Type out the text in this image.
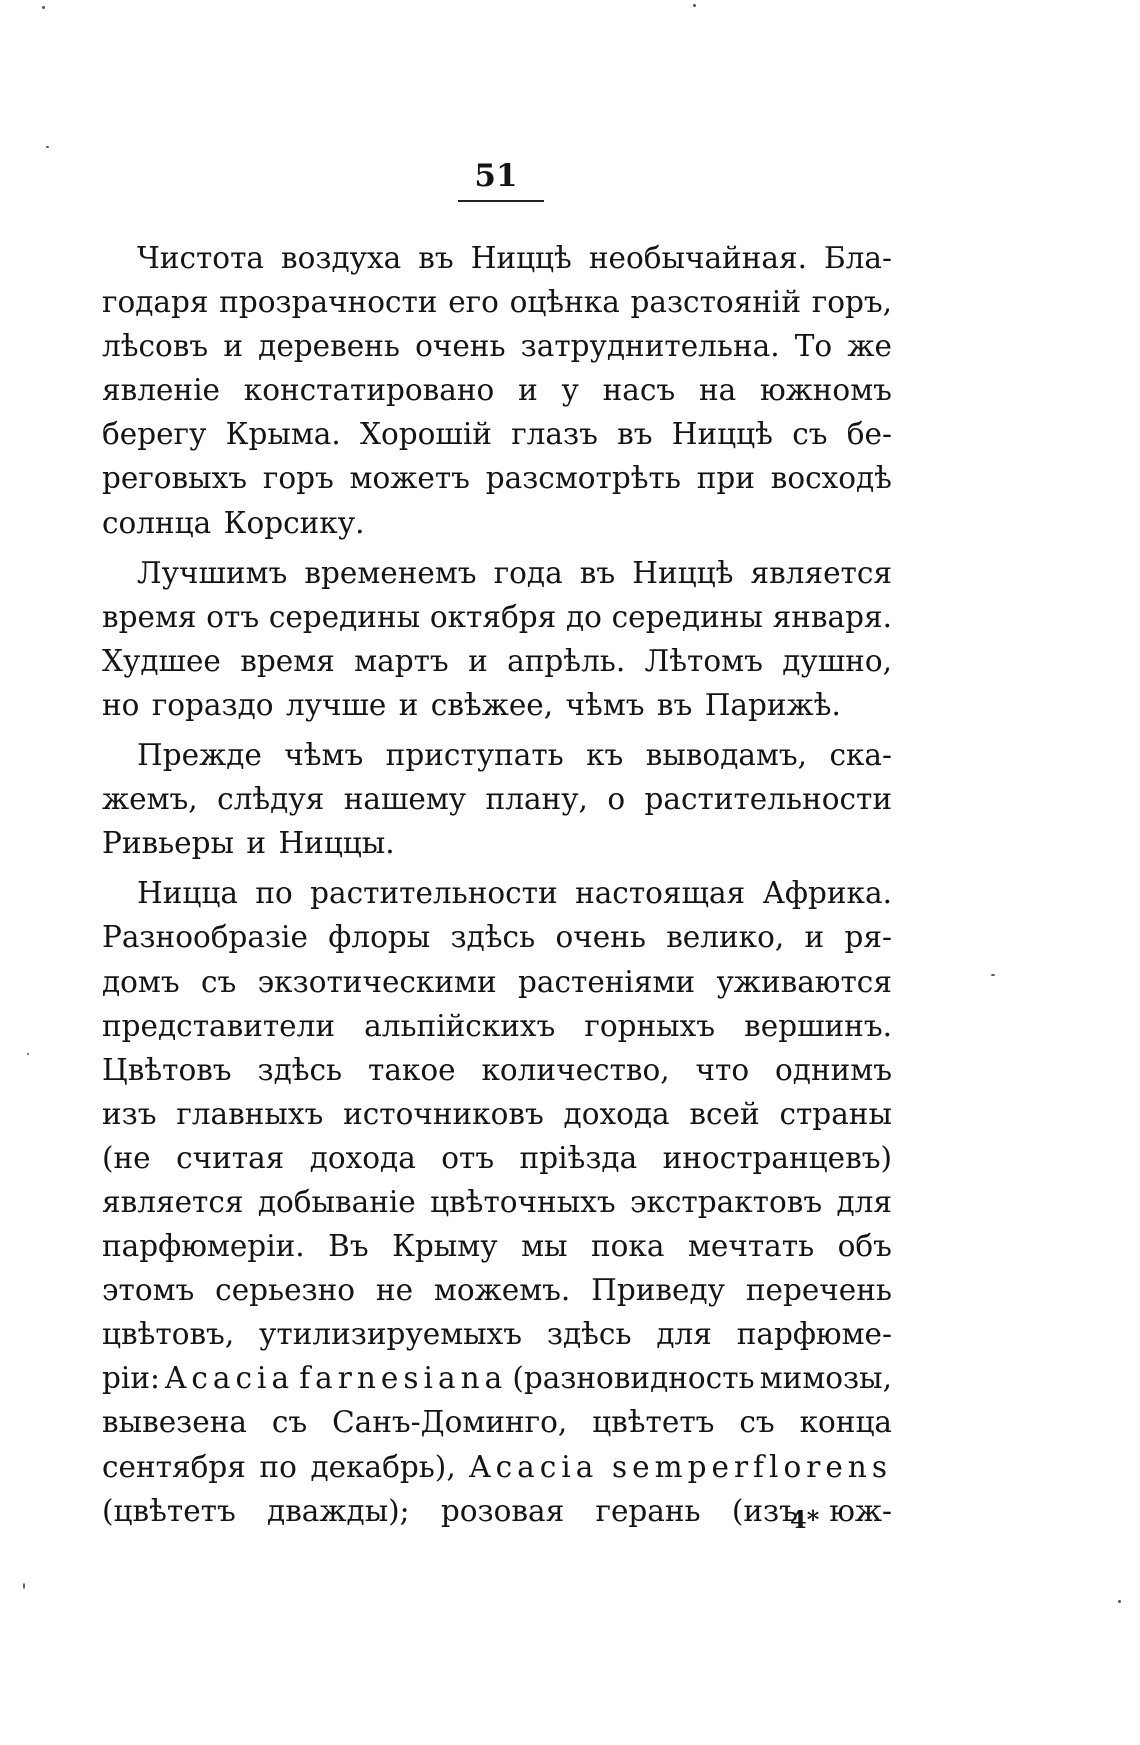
51
Чистота воздуха въ Ниццѣ необычайная. Бла-
годаря прозрачности его оцѣнка разстояній горъ,
лѣсовъ и деревень очень затруднительна. То же
явленіе констатировано и у насъ на южномъ
берегу Крыма. Хорошій глазъ въ Ниццѣ съ бе-
реговыхъ горъ можетъ разсмотрѣть при восходѣ
солнца Корсику.
Лучшимъ временемъ года въ Ниццѣ является
время отъ середины октября до середины января.
Худшее время мартъ и апрѣль. Лѣтомъ душно,
но гораздо лучше и свѣжее, чѣмъ въ Парижѣ.
Прежде чѣмъ приступать къ выводамъ, ска-
жемъ, слѣдуя нашему плану, о растительности
Ривьеры и Ниццы.
Ницца по растительности настоящая Африка.
Разнообразіе флоры здѣсь очень велико, и ря-
домъ съ экзотическими растеніями уживаются
представители альпійскихъ горныхъ вершинъ.
Цвѣтовъ здѣсь такое количество, что однимъ
изъ главныхъ источниковъ дохода всей страны
(не считая дохода отъ пріѣзда иностранцевъ)
является добываніе цвѣточныхъ экстрактовъ для
парфюмеріи. Въ Крыму мы пока мечтать объ
этомъ серьезно не можемъ. Приведу перечень
цвѣтовъ, утилизируемыхъ здѣсь для парфюме-
ріи: Acacia farnesiana (разновидность мимозы,
вывезена съ Санъ-Доминго, цвѣтетъ съ конца
сентября по декабрь), Acacia semperflorens
(цвѣтетъ дважды); розовая герань (изъ юж-
4*
